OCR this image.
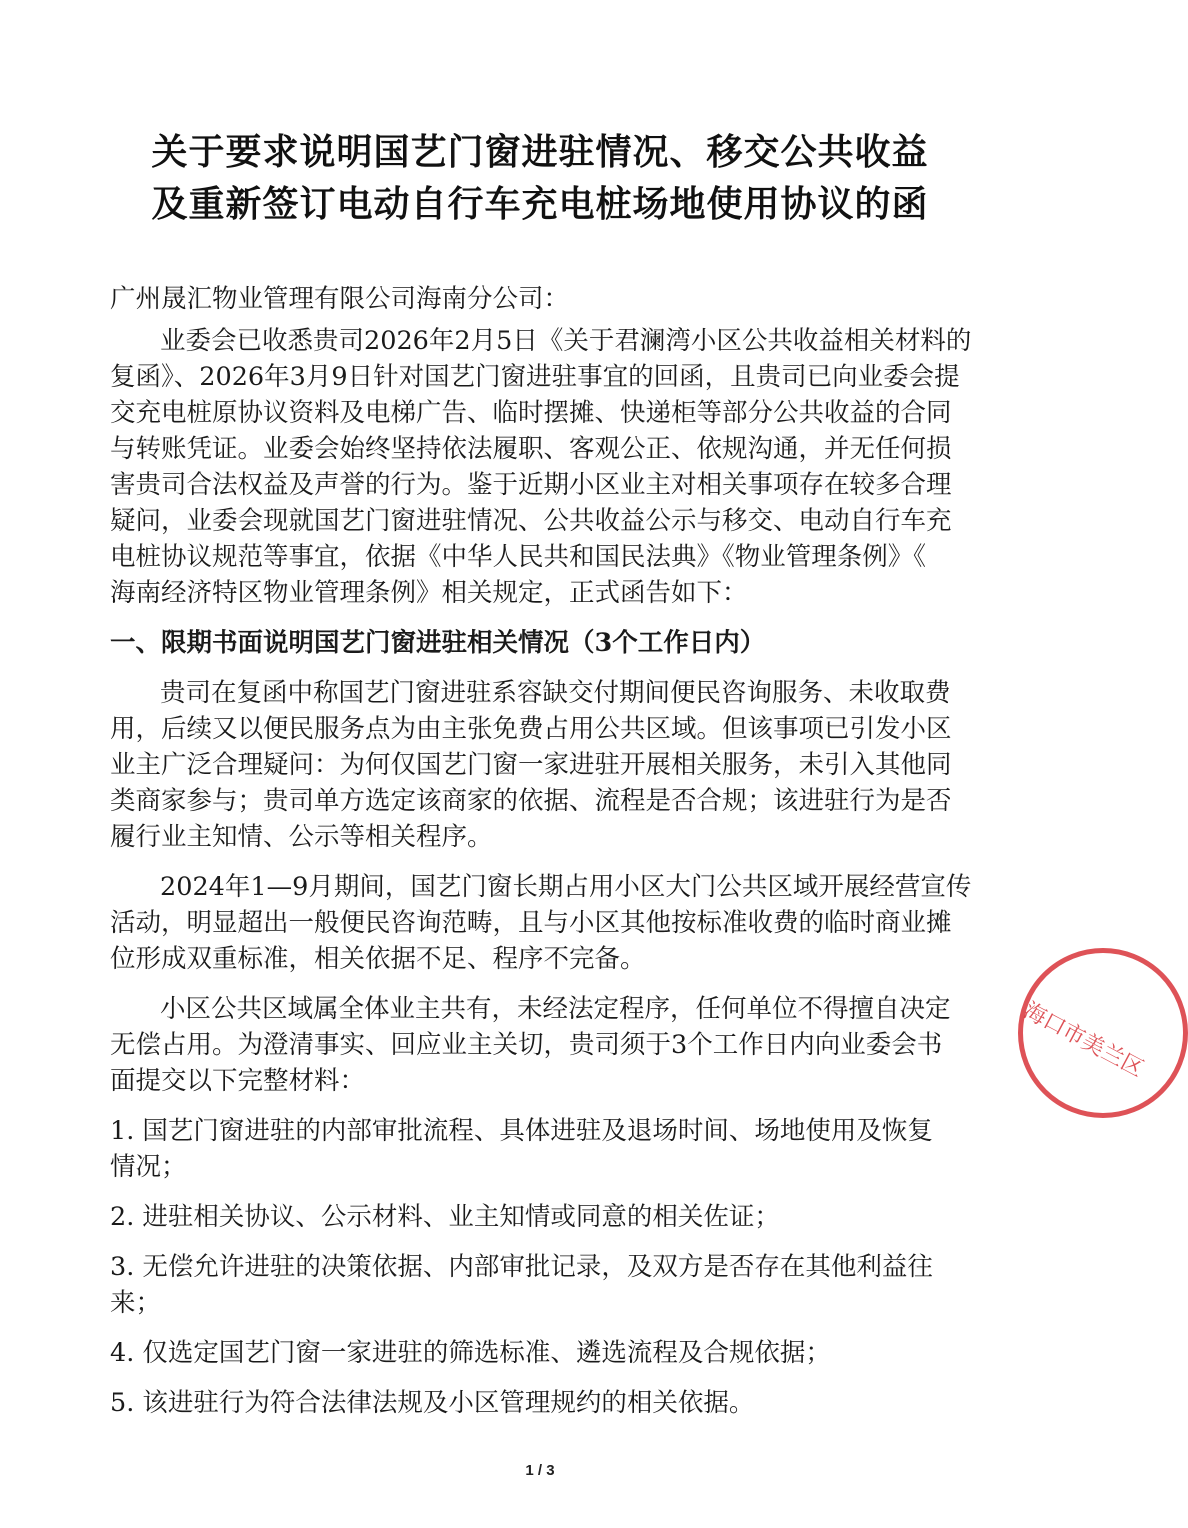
关于要求说明国艺门窗进驻情况、移交公共收益
及重新签订电动自行车充电桩场地使用协议的函
广州晟汇物业管理有限公司海南分公司：
业委会已收悉贵司2026年2月5日《关于君澜湾小区公共收益相关材料的
复函》、2026年3月9日针对国艺门窗进驻事宜的回函，且贵司已向业委会提
交充电桩原协议资料及电梯广告、临时摆摊、快递柜等部分公共收益的合同
与转账凭证。业委会始终坚持依法履职、客观公正、依规沟通，并无任何损
害贵司合法权益及声誉的行为。鉴于近期小区业主对相关事项存在较多合理
疑问，业委会现就国艺门窗进驻情况、公共收益公示与移交、电动自行车充
电桩协议规范等事宜，依据《中华人民共和国民法典》《物业管理条例》《
海南经济特区物业管理条例》相关规定，正式函告如下：
一、限期书面说明国艺门窗进驻相关情况（3个工作日内）
贵司在复函中称国艺门窗进驻系容缺交付期间便民咨询服务、未收取费
用，后续又以便民服务点为由主张免费占用公共区域。但该事项已引发小区
业主广泛合理疑问：为何仅国艺门窗一家进驻开展相关服务，未引入其他同
类商家参与；贵司单方选定该商家的依据、流程是否合规；该进驻行为是否
履行业主知情、公示等相关程序。
2024年1—9月期间，国艺门窗长期占用小区大门公共区域开展经营宣传
活动，明显超出一般便民咨询范畴，且与小区其他按标准收费的临时商业摊
位形成双重标准，相关依据不足、程序不完备。
小区公共区域属全体业主共有，未经法定程序，任何单位不得擅自决定
无偿占用。为澄清事实、回应业主关切，贵司须于3个工作日内向业委会书
面提交以下完整材料：
1. 国艺门窗进驻的内部审批流程、具体进驻及退场时间、场地使用及恢复
情况；
2. 进驻相关协议、公示材料、业主知情或同意的相关佐证；
3. 无偿允许进驻的决策依据、内部审批记录，及双方是否存在其他利益往
来；
4. 仅选定国艺门窗一家进驻的筛选标准、遴选流程及合规依据；
5. 该进驻行为符合法律法规及小区管理规约的相关依据。
1 / 3
海口市美兰区
